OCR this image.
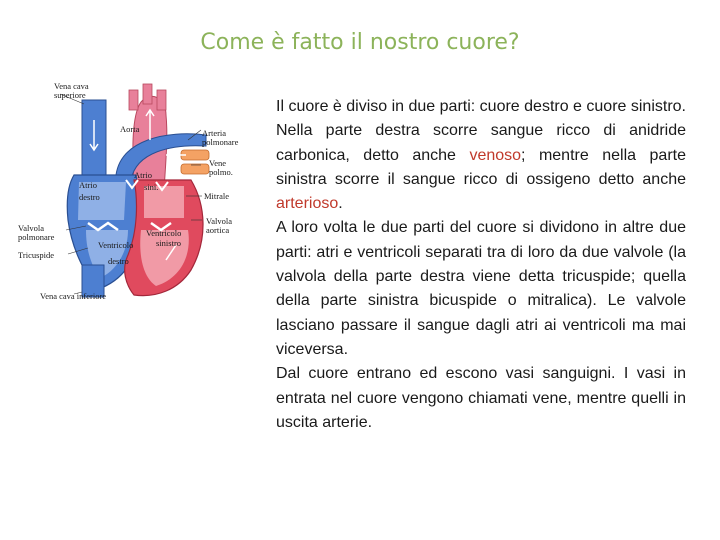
Come è fatto il nostro cuore?
Vena cava
superiore
Aorta	Arteria
polmonare
Vene
polmo.
Atrio
destro
Atrio
sini.
Mitrale
Valvola
aortica
Valvola
polmonare
Tricuspide
Ventricolo
destro
Ventricolo
sinistro
Vena cava inferiore

Il cuore è diviso in due parti: cuore destro e cuore sinistro. Nella parte destra scorre sangue ricco di anidride carbonica, detto anche venoso; mentre nella parte sinistra scorre il sangue ricco di ossigeno detto anche arterioso.

A loro volta le due parti del cuore si dividono in altre due parti: atri e ventricoli separati tra di loro da due valvole (la valvola della parte destra viene detta tricuspide; quella della parte sinistra bicuspide o mitralica). Le valvole lasciano passare il sangue dagli atri ai ventricoli ma mai viceversa.

Dal cuore entrano ed escono vasi sanguigni. I vasi in entrata nel cuore vengono chiamati vene, mentre quelli in uscita arterie.
